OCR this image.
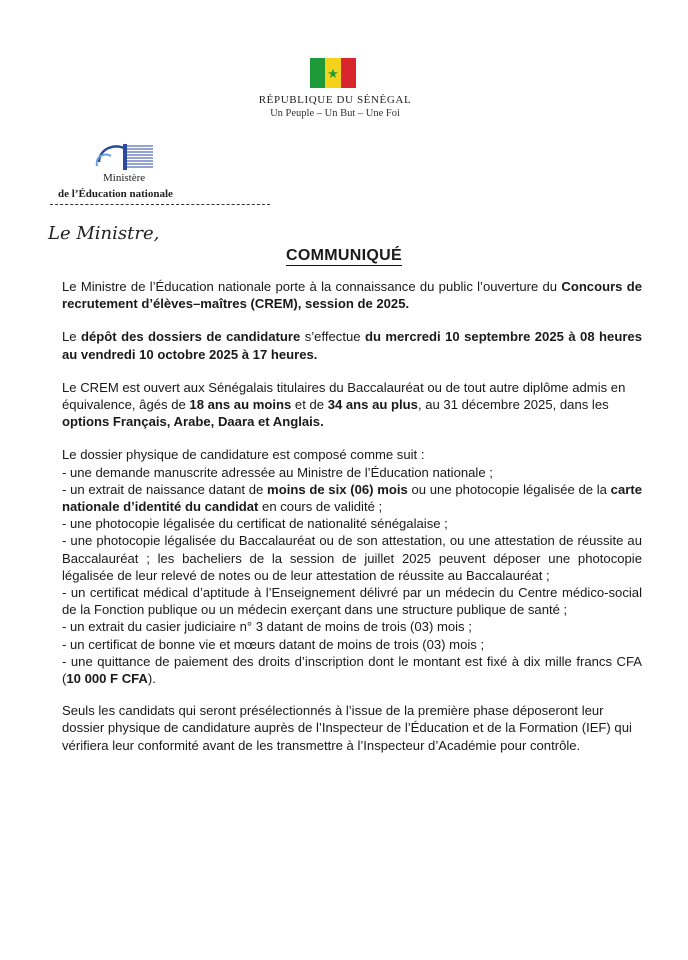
★
RÉPUBLIQUE DU SÉNÉGAL
Un Peuple – Un But – Une Foi
Ministère
de l’Éducation nationale
Le Ministre,
COMMUNIQUÉ

Le Ministre de l’Éducation nationale porte à la connaissance du public l’ouverture du Concours de recrutement d’élèves–maîtres (CREM), session de 2025.

Le dépôt des dossiers de candidature s’effectue du mercredi 10 septembre 2025 à 08 heures au vendredi 10 octobre 2025 à 17 heures.

Le CREM est ouvert aux Sénégalais titulaires du Baccalauréat ou de tout autre diplôme admis en équivalence, âgés de 18 ans au moins et de 34 ans au plus, au 31 décembre 2025, dans les options Français, Arabe, Daara et Anglais.

Le dossier physique de candidature est composé comme suit :

- une demande manuscrite adressée au Ministre de l’Éducation nationale ;

- un extrait de naissance datant de moins de six (06) mois ou une photocopie légalisée de la carte nationale d’identité du candidat en cours de validité ;

- une photocopie légalisée du certificat de nationalité sénégalaise ;

- une photocopie légalisée du Baccalauréat ou de son attestation, ou une attestation de réussite au Baccalauréat ; les bacheliers de la session de juillet 2025 peuvent déposer une photocopie légalisée de leur relevé de notes ou de leur attestation de réussite au Baccalauréat ;

- un certificat médical d’aptitude à l’Enseignement délivré par un médecin du Centre médico-social de la Fonction publique ou un médecin exerçant dans une structure publique de santé ;

- un extrait du casier judiciaire n° 3 datant de moins de trois (03) mois ;

- un certificat de bonne vie et mœurs datant de moins de trois (03) mois ;

- une quittance de paiement des droits d’inscription dont le montant est fixé à dix mille francs CFA (10 000 F CFA).

Seuls les candidats qui seront présélectionnés à l’issue de la première phase déposeront leur dossier physique de candidature auprès de l’Inspecteur de l’Éducation et de la Formation (IEF) qui vérifiera leur conformité avant de les transmettre à l’Inspecteur d’Académie pour contrôle.
